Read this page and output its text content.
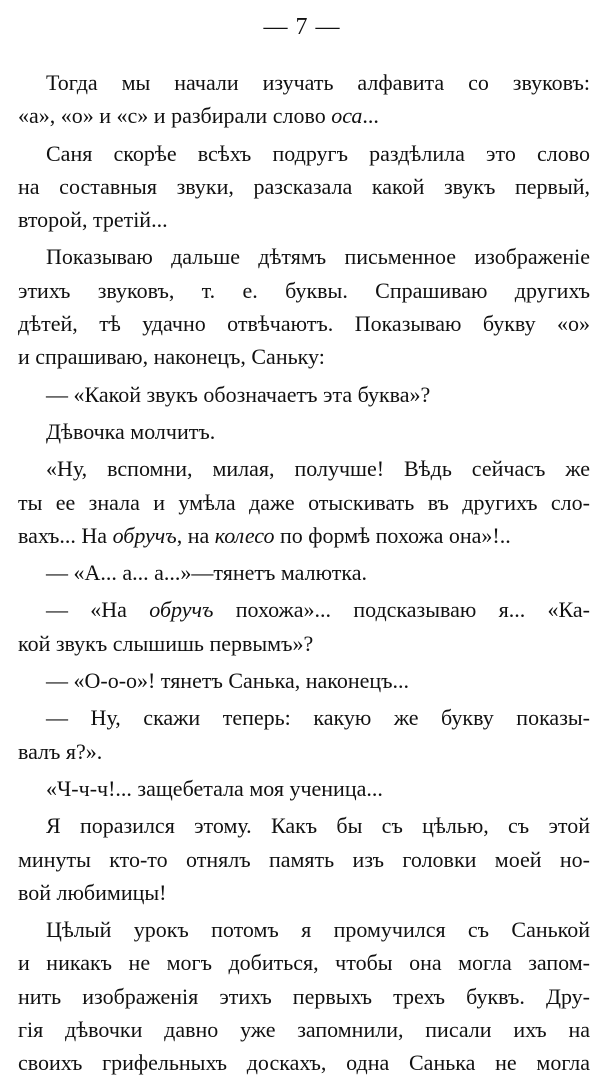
— 7 —
Тогда мы начали изучать алфавита со звуковъ:
«а», «о» и «с» и разбирали слово оса...
Саня скорѣе всѣхъ подругъ раздѣлила это слово
на составныя звуки, разсказала какой звукъ первый,
второй, третій...
Показываю дальше дѣтямъ письменное изображеніе
этихъ звуковъ, т. е. буквы. Спрашиваю другихъ
дѣтей, тѣ удачно отвѣчаютъ. Показываю букву «о»
и спрашиваю, наконецъ, Саньку:
— «Какой звукъ обозначаетъ эта буква»?
Дѣвочка молчитъ.
«Ну, вспомни, милая, получше! Вѣдь сейчасъ же
ты ее знала и умѣла даже отыскивать въ другихъ сло-
вахъ... На обручъ, на колесо по формѣ похожа она»!..
— «А... а... а...»—тянетъ малютка.
— «На обручъ похожа»... подсказываю я... «Ка-
кой звукъ слышишь первымъ»?
— «О-о-о»! тянетъ Санька, наконецъ...
— Ну, скажи теперь: какую же букву показы-
валъ я?».
«Ч-ч-ч!... защебетала моя ученица...
Я поразился этому. Какъ бы съ цѣлью, съ этой
минуты кто-то отнялъ память изъ головки моей но-
вой любимицы!
Цѣлый урокъ потомъ я промучился съ Санькой
и никакъ не могъ добиться, чтобы она могла запом-
нить изображенія этихъ первыхъ трехъ буквъ. Дру-
гія дѣвочки давно уже запомнили, писали ихъ на
своихъ грифельныхъ доскахъ, одна Санька не могла
